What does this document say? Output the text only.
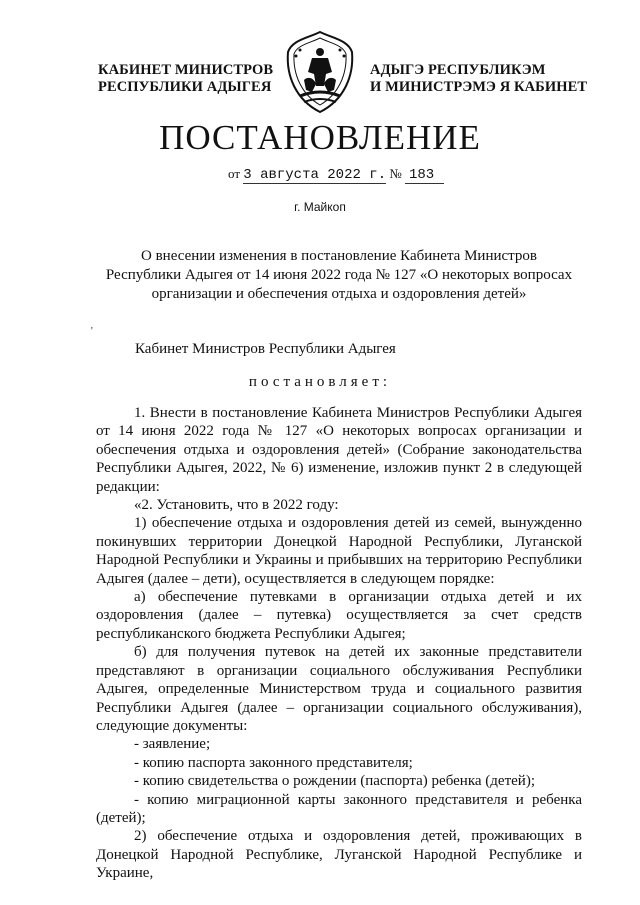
КАБИНЕТ МИНИСТРОВ
РЕСПУБЛИКИ АДЫГЕЯ
АДЫГЭ РЕСПУБЛИКЭМ
И МИНИСТРЭМЭ Я КАБИНЕТ
ПОСТАНОВЛЕНИЕ
от 3 августа 2022 г. № 183
г. Майкоп
О внесении изменения в постановление Кабинета Министров
Республики Адыгея от 14 июня 2022 года № 127 «О некоторых вопросах
организации и обеспечения отдыха и оздоровления детей»
'
Кабинет Министров Республики Адыгея
постановляет:

1. Внести в постановление Кабинета Министров Республики Адыгея от 14 июня 2022 года № 127 «О некоторых вопросах организации и обеспечения отдыха и оздоровления детей» (Собрание законодательства Республики Адыгея, 2022, № 6) изменение, изложив пункт 2 в следующей редакции:

«2. Установить, что в 2022 году:

1) обеспечение отдыха и оздоровления детей из семей, вынужденно покинувших территории Донецкой Народной Республики, Луганской Народной Республики и Украины и прибывших на территорию Республики Адыгея (далее – дети), осуществляется в следующем порядке:

а) обеспечение путевками в организации отдыха детей и их оздоровления (далее – путевка) осуществляется за счет средств республиканского бюджета Республики Адыгея;

б) для получения путевок на детей их законные представители представляют в организации социального обслуживания Республики Адыгея, определенные Министерством труда и социального развития Республики Адыгея (далее – организации социального обслуживания), следующие документы:

- заявление;

- копию паспорта законного представителя;

- копию свидетельства о рождении (паспорта) ребенка (детей);

- копию миграционной карты законного представителя и ребенка (детей);

2) обеспечение отдыха и оздоровления детей, проживающих в Донецкой Народной Республике, Луганской Народной Республике и Украине,
